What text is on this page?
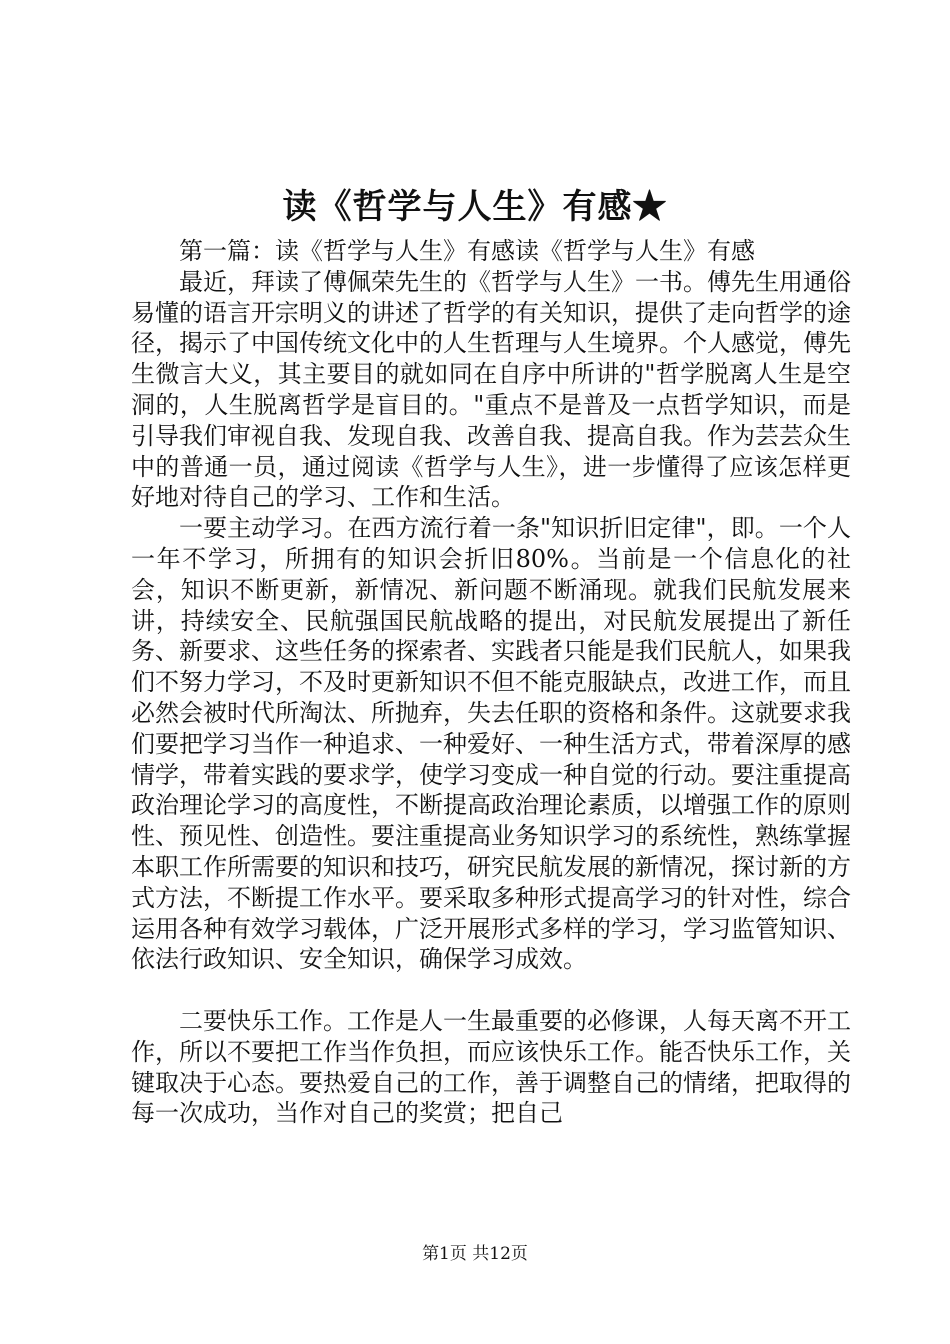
读《哲学与人生》有感★

第一篇：读《哲学与人生》有感读《哲学与人生》有感

最近，拜读了傅佩荣先生的《哲学与人生》一书。傅先生用通俗易懂的语言开宗明义的讲述了哲学的有关知识，提供了走向哲学的途径，揭示了中国传统文化中的人生哲理与人生境界。个人感觉，傅先生微言大义，其主要目的就如同在自序中所讲的"哲学脱离人生是空洞的，人生脱离哲学是盲目的。"重点不是普及一点哲学知识，而是引导我们审视自我、发现自我、改善自我、提高自我。作为芸芸众生中的普通一员，通过阅读《哲学与人生》，进一步懂得了应该怎样更好地对待自己的学习、工作和生活。

一要主动学习。在西方流行着一条"知识折旧定律"，即。一个人一年不学习，所拥有的知识会折旧80%。当前是一个信息化的社会，知识不断更新，新情况、新问题不断涌现。就我们民航发展来讲，持续安全、民航强国民航战略的提出，对民航发展提出了新任务、新要求、这些任务的探索者、实践者只能是我们民航人，如果我们不努力学习，不及时更新知识不但不能克服缺点，改进工作，而且必然会被时代所淘汰、所抛弃，失去任职的资格和条件。这就要求我们要把学习当作一种追求、一种爱好、一种生活方式，带着深厚的感情学，带着实践的要求学，使学习变成一种自觉的行动。要注重提高政治理论学习的高度性，不断提高政治理论素质，以增强工作的原则性、预见性、创造性。要注重提高业务知识学习的系统性，熟练掌握本职工作所需要的知识和技巧，研究民航发展的新情况，探讨新的方式方法，不断提工作水平。要采取多种形式提高学习的针对性，综合运用各种有效学习载体，广泛开展形式多样的学习，学习监管知识、依法行政知识、安全知识，确保学习成效。

二要快乐工作。工作是人一生最重要的必修课，人每天离不开工作，所以不要把工作当作负担，而应该快乐工作。能否快乐工作，关键取决于心态。要热爱自己的工作，善于调整自己的情绪，把取得的每一次成功，当作对自己的奖赏；把自己

第1页 共12页
